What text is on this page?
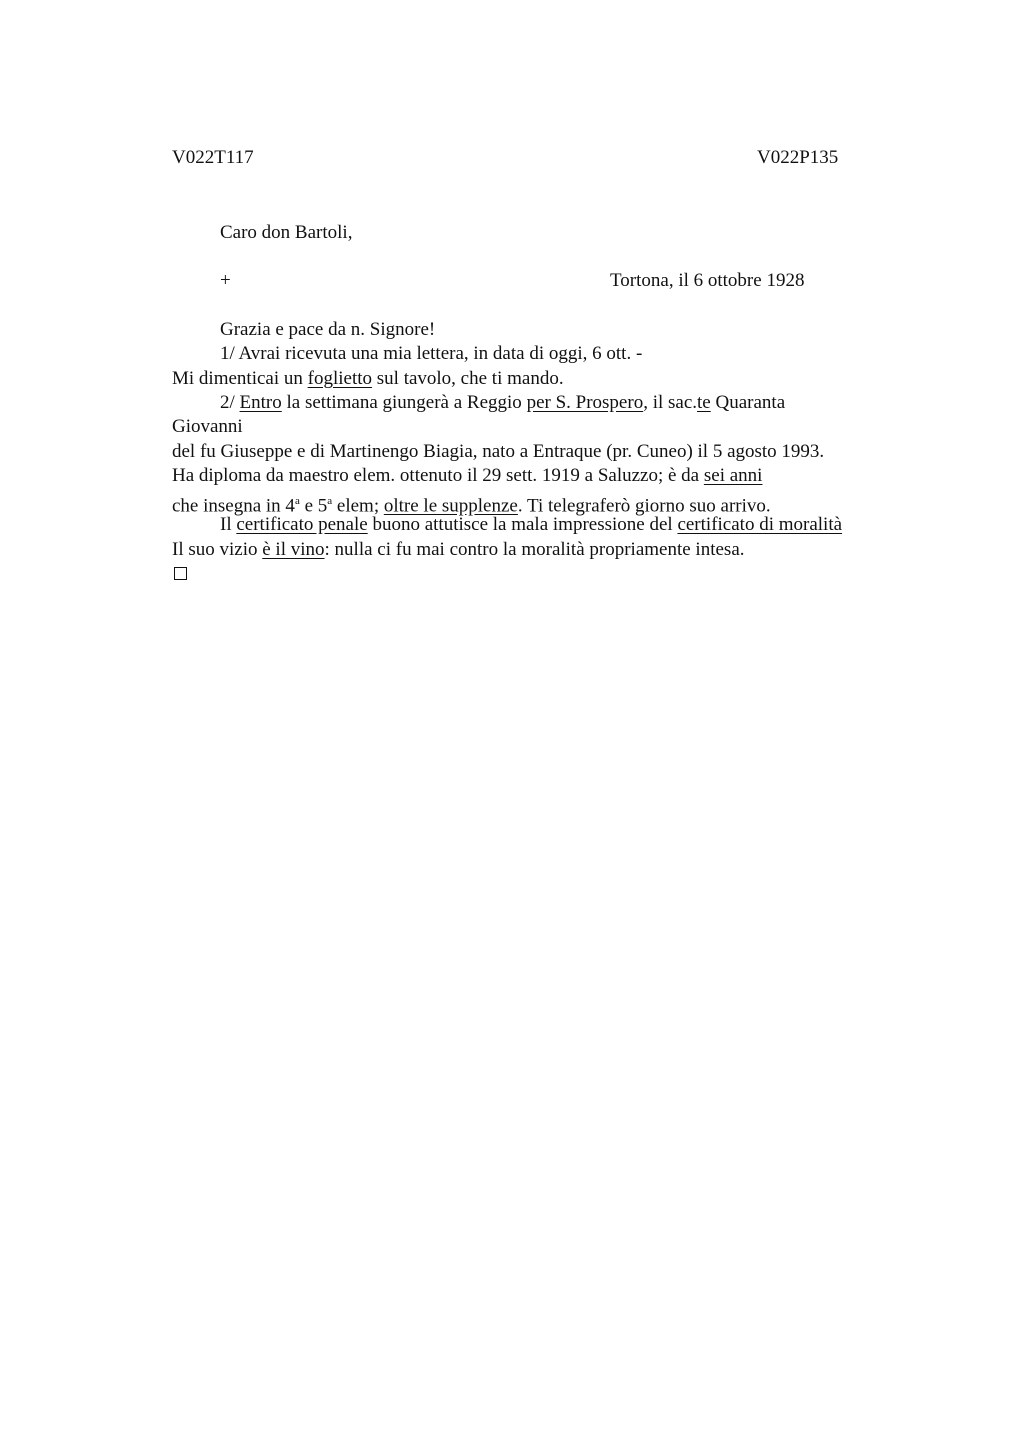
V022T117	V022P135
Caro don Bartoli,
+	Tortona, il 6 ottobre 1928
Grazia e pace da n. Signore!
1/ Avrai ricevuta una mia lettera, in data di oggi, 6 ott. -
Mi dimenticai un foglietto sul tavolo, che ti mando.
2/ Entro la settimana giungerà a Reggio per S. Prospero, il sac.te Quaranta
Giovanni
del fu Giuseppe e di Martinengo Biagia, nato a Entraque (pr. Cuneo) il 5 agosto 1993.
Ha diploma da maestro elem. ottenuto il 29 sett. 1919 a Saluzzo; è da sei anni
che insegna in 4$^a$ e 5$^a$ elem; oltre le supplenze. Ti telegraferò giorno suo arrivo.
Il certificato penale buono attutisce la mala impressione del certificato di moralità
Il suo vizio è il vino: nulla ci fu mai contro la moralità propriamente intesa.
